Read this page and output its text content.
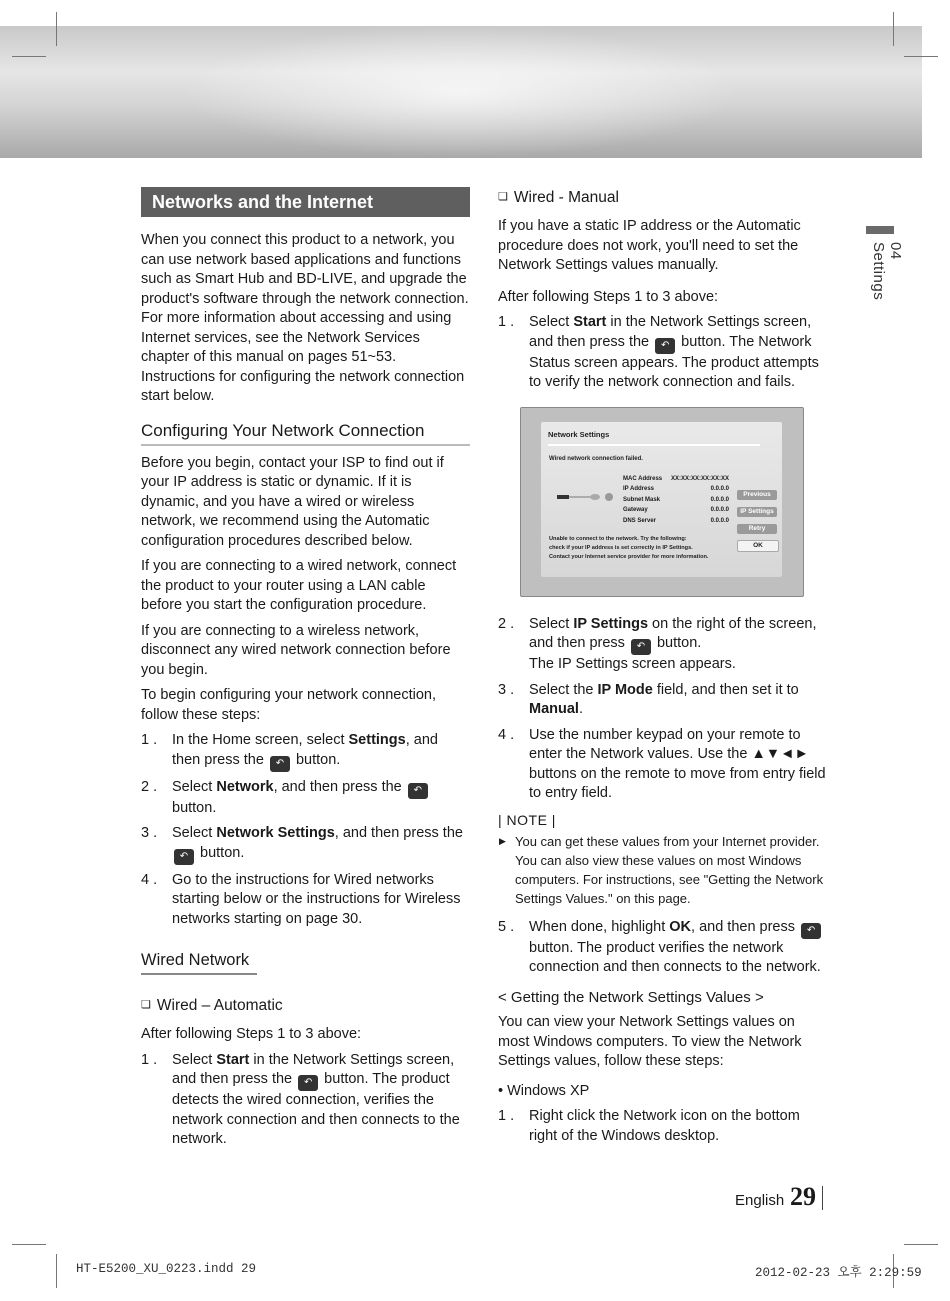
04 Settings
Networks and the Internet

When you connect this product to a network, you can use network based applications and functions such as Smart Hub and BD-LIVE, and upgrade the product's software through the network connection. For more information about accessing and using Internet services, see the Network Services chapter of this manual on pages 51~53. Instructions for configuring the network connection start below.

Configuring Your Network Connection

Before you begin, contact your ISP to find out if your IP address is static or dynamic. If it is dynamic, and you have a wired or wireless network, we recommend using the Automatic configuration procedures described below.

If you are connecting to a wired network, connect the product to your router using a LAN cable before you start the configuration procedure.

If you are connecting to a wireless network, disconnect any wired network connection before you begin.

To begin configuring your network connection, follow these steps:

1 . In the Home screen, select Settings, and then press the ↶ button.
2 . Select Network, and then press the ↶ button.
3 . Select Network Settings, and then press the ↶ button.
4 . Go to the instructions for Wired networks starting below or the instructions for Wireless networks starting on page 30.
Wired Network
❏ Wired – Automatic

After following Steps 1 to 3 above:

1 . Select Start in the Network Settings screen, and then press the ↶ button. The product detects the wired connection, verifies the network connection and then connects to the network.
❏ Wired - Manual

If you have a static IP address or the Automatic procedure does not work, you'll need to set the Network Settings values manually.

After following Steps 1 to 3 above:

1 . Select Start in the Network Settings screen, and then press the ↶ button. The Network Status screen appears. The product attempts to verify the network connection and fails.
Network Settings
Wired network connection failed.
MAC Address XX:XX:XX:XX:XX:XX
IP Address	0.0.0.0
Subnet Mask	0.0.0.0
Gateway	0.0.0.0
DNS Server	0.0.0.0
Unable to connect to the network. Try the following:
check if your IP address is set correctly in IP Settings.
Contact your Internet service provider for more information.
Previous
IP Settings
Retry
OK
2 . Select IP Settings on the right of the screen, and then press ↶ button.
The IP Settings screen appears.
3 . Select the IP Mode field, and then set it to Manual.
4 . Use the number keypad on your remote to enter the Network values. Use the ▲▼◄► buttons on the remote to move from entry field to entry field.
| NOTE |
▶ You can get these values from your Internet provider. You can also view these values on most Windows computers. For instructions, see "Getting the Network Settings Values." on this page.
5 . When done, highlight OK, and then press ↶ button. The product verifies the network connection and then connects to the network.

< Getting the Network Settings Values >

You can view your Network Settings values on most Windows computers. To view the Network Settings values, follow these steps:

• Windows XP
1 . Right click the Network icon on the bottom right of the Windows desktop.
English 29
HT-E5200_XU_0223.indd 29	2012-02-23 오후 2:29:59
